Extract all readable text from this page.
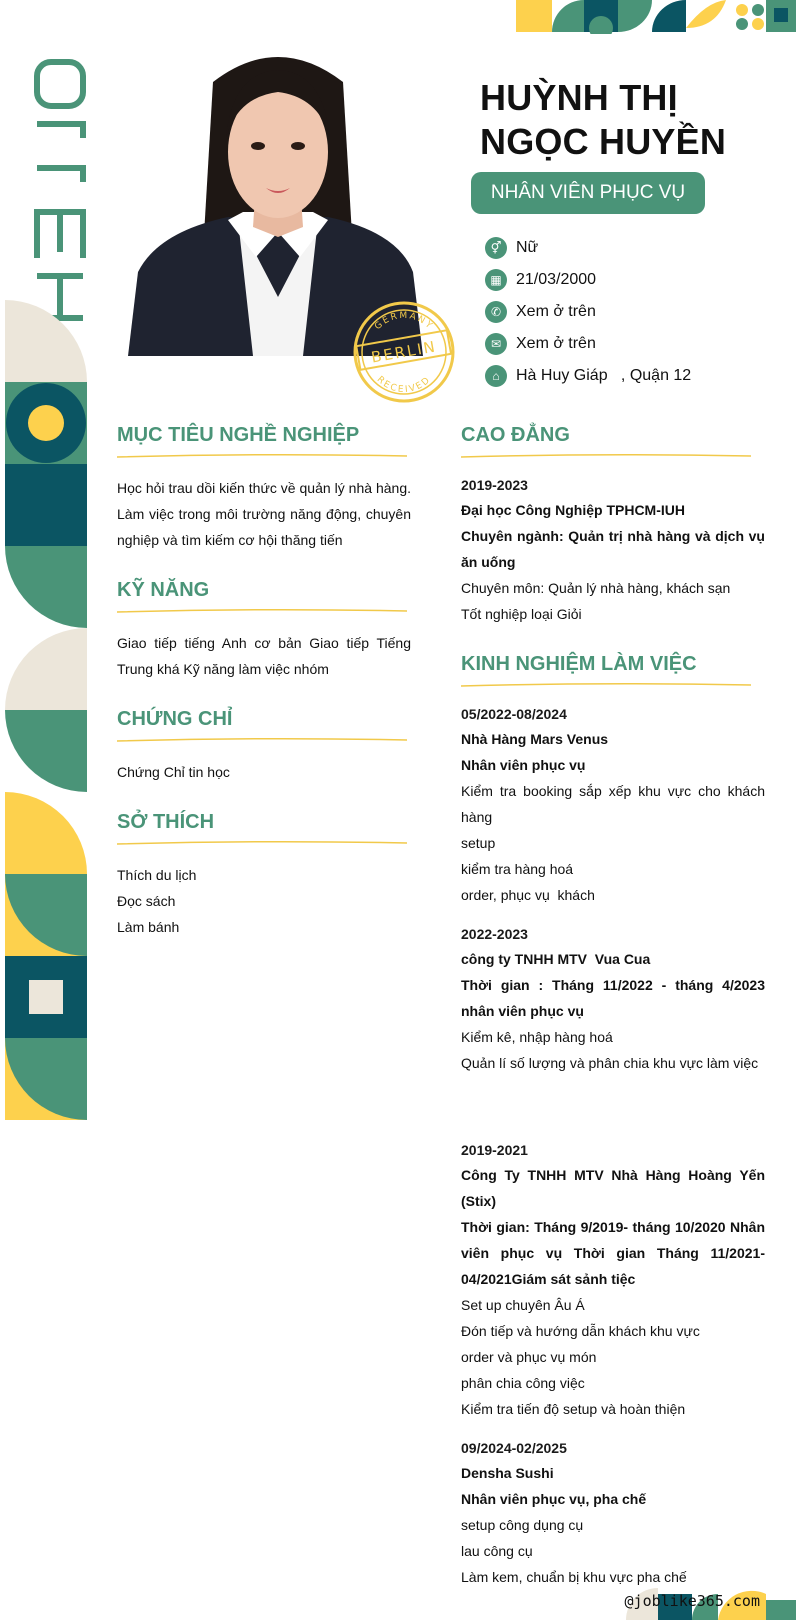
BERLIN
GERMANY
RECEIVED
HUỲNH THỊ
NGỌC HUYỀN
NHÂN VIÊN PHỤC VỤ
⚥ Nữ
▦ 21/03/2000
✆ Xem ở trên
✉ Xem ở trên
⌂	Hà Huy Giáp   , Quận 12
MỤC TIÊU NGHỀ NGHIỆP
Học hỏi trau dồi kiến thức về quản lý nhà hàng. Làm việc trong môi trường năng động, chuyên nghiệp và tìm kiếm cơ hội thăng tiến
KỸ NĂNG
Giao tiếp tiếng Anh cơ bản Giao tiếp Tiếng Trung khá Kỹ năng làm việc nhóm
CHỨNG CHỈ
Chứng Chỉ tin học
SỞ THÍCH
Thích du lịch
Đọc sách
Làm bánh
CAO ĐẲNG
2019-2023
Đại học Công Nghiệp TPHCM-IUH
Chuyên ngành: Quản trị nhà hàng và dịch vụ ăn uống
Chuyên môn: Quản lý nhà hàng, khách sạn
Tốt nghiệp loại Giỏi
KINH NGHIỆM LÀM VIỆC
05/2022-08/2024
Nhà Hàng Mars Venus
Nhân viên phục vụ
Kiểm tra booking sắp xếp khu vực cho khách hàng
setup
kiểm tra hàng hoá
order, phục vụ  khách
2022-2023
công ty TNHH MTV  Vua Cua
Thời gian : Tháng 11/2022 - tháng 4/2023 nhân viên phục vụ
Kiểm kê, nhập hàng hoá
Quản lí số lượng và phân chia khu vực làm việc
2019-2021
Công Ty TNHH MTV Nhà Hàng Hoàng Yến (Stix)
Thời gian: Tháng 9/2019- tháng 10/2020 Nhân viên phục vụ Thời gian Tháng 11/2021-04/2021Giám sát sảnh tiệc
Set up chuyên Âu Á
Đón tiếp và hướng dẫn khách khu vực
order và phục vụ món
phân chia công việc
Kiểm tra tiến độ setup và hoàn thiện
09/2024-02/2025
Densha Sushi
Nhân viên phục vụ, pha chế
setup công dụng cụ
lau công cụ
Làm kem, chuẩn bị khu vực pha chế
@joblike365.com
